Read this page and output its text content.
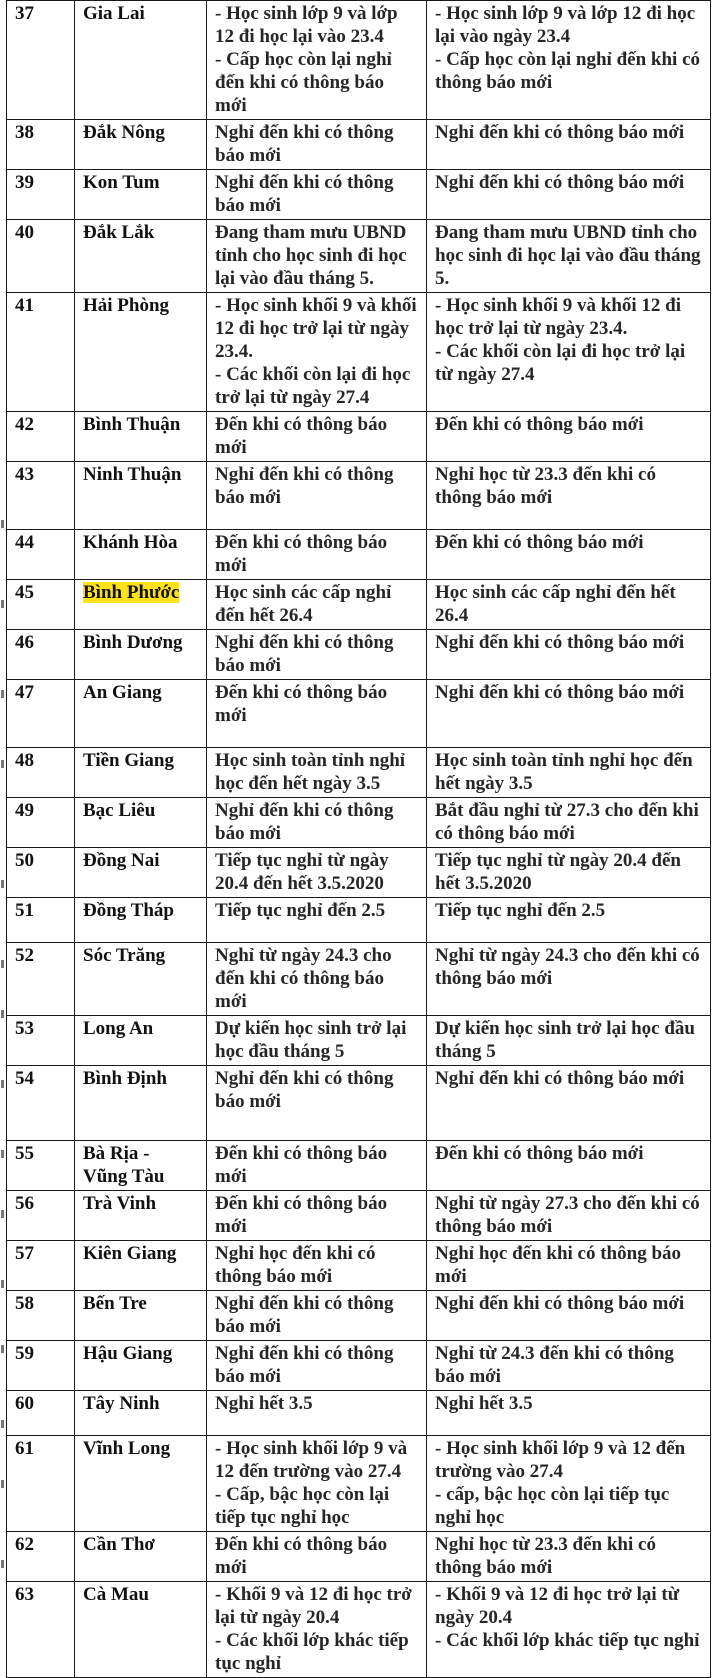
37	Gia Lai	- Học sinh lớp 9 và lớp 12 đi học lại vào 23.4
- Cấp học còn lại nghỉ đến khi có thông báo mới	- Học sinh lớp 9 và lớp 12 đi học lại vào ngày 23.4
- Cấp học còn lại nghỉ đến khi có thông báo mới

38	Đắk Nông	Nghỉ đến khi có thông báo mới	Nghỉ đến khi có thông báo mới

39	Kon Tum	Nghỉ đến khi có thông báo mới	Nghỉ đến khi có thông báo mới

40	Đắk Lắk	Đang tham mưu UBND tỉnh cho học sinh đi học lại vào đầu tháng 5.	Đang tham mưu UBND tỉnh cho học sinh đi học lại vào đầu tháng 5.

41	Hải Phòng	- Học sinh khối 9 và khối 12 đi học trở lại từ ngày 23.4.
- Các khối còn lại đi học trở lại từ ngày 27.4	- Học sinh khối 9 và khối 12 đi học trở lại từ ngày 23.4.
- Các khối còn lại đi học trở lại từ ngày 27.4

42	Bình Thuận	Đến khi có thông báo mới	Đến khi có thông báo mới

43	Ninh Thuận	Nghỉ đến khi có thông báo mới	Nghỉ học từ 23.3 đến khi có thông báo mới

44	Khánh Hòa	Đến khi có thông báo mới	Đến khi có thông báo mới

45	Bình Phước	Học sinh các cấp nghỉ đến hết 26.4	Học sinh các cấp nghỉ đến hết 26.4

46	Bình Dương	Nghỉ đến khi có thông báo mới	Nghỉ đến khi có thông báo mới

47	An Giang	Đến khi có thông báo mới	Nghỉ đến khi có thông báo mới

48	Tiền Giang	Học sinh toàn tỉnh nghỉ học đến hết ngày 3.5	Học sinh toàn tỉnh nghỉ học đến hết ngày 3.5

49	Bạc Liêu	Nghỉ đến khi có thông báo mới	Bắt đầu nghỉ từ 27.3 cho đến khi có thông báo mới

50	Đồng Nai	Tiếp tục nghỉ từ ngày 20.4 đến hết 3.5.2020	Tiếp tục nghỉ từ ngày 20.4 đến hết 3.5.2020

51	Đồng Tháp	Tiếp tục nghỉ đến 2.5	Tiếp tục nghỉ đến 2.5

52	Sóc Trăng	Nghỉ từ ngày 24.3 cho đến khi có thông báo mới	Nghỉ từ ngày 24.3 cho đến khi có thông báo mới

53	Long An	Dự kiến học sinh trở lại học đầu tháng 5	Dự kiến học sinh trở lại học đầu tháng 5

54	Bình Định	Nghỉ đến khi có thông báo mới	Nghỉ đến khi có thông báo mới

55	Bà Rịa - Vũng Tàu	Đến khi có thông báo mới	Đến khi có thông báo mới

56	Trà Vinh	Đến khi có thông báo mới	Nghỉ từ ngày 27.3 cho đến khi có thông báo mới

57	Kiên Giang	Nghỉ học đến khi có thông báo mới	Nghỉ học đến khi có thông báo mới

58	Bến Tre	Nghỉ đến khi có thông báo mới	Nghỉ đến khi có thông báo mới

59	Hậu Giang	Nghỉ đến khi có thông báo mới	Nghỉ từ 24.3 đến khi có thông báo mới

60	Tây Ninh	Nghỉ hết 3.5	Nghỉ hết 3.5

61	Vĩnh Long	- Học sinh khối lớp 9 và 12 đến trường vào 27.4
- Cấp, bậc học còn lại tiếp tục nghỉ học	- Học sinh khối lớp 9 và 12 đến trường vào 27.4
- cấp, bậc học còn lại tiếp tục nghỉ học

62	Cần Thơ	Đến khi có thông báo mới	Nghỉ học từ 23.3 đến khi có thông báo mới

63	Cà Mau	- Khối 9 và 12 đi học trở lại từ ngày 20.4
- Các khối lớp khác tiếp tục nghỉ	- Khối 9 và 12 đi học trở lại từ ngày 20.4
- Các khối lớp khác tiếp tục nghỉ
